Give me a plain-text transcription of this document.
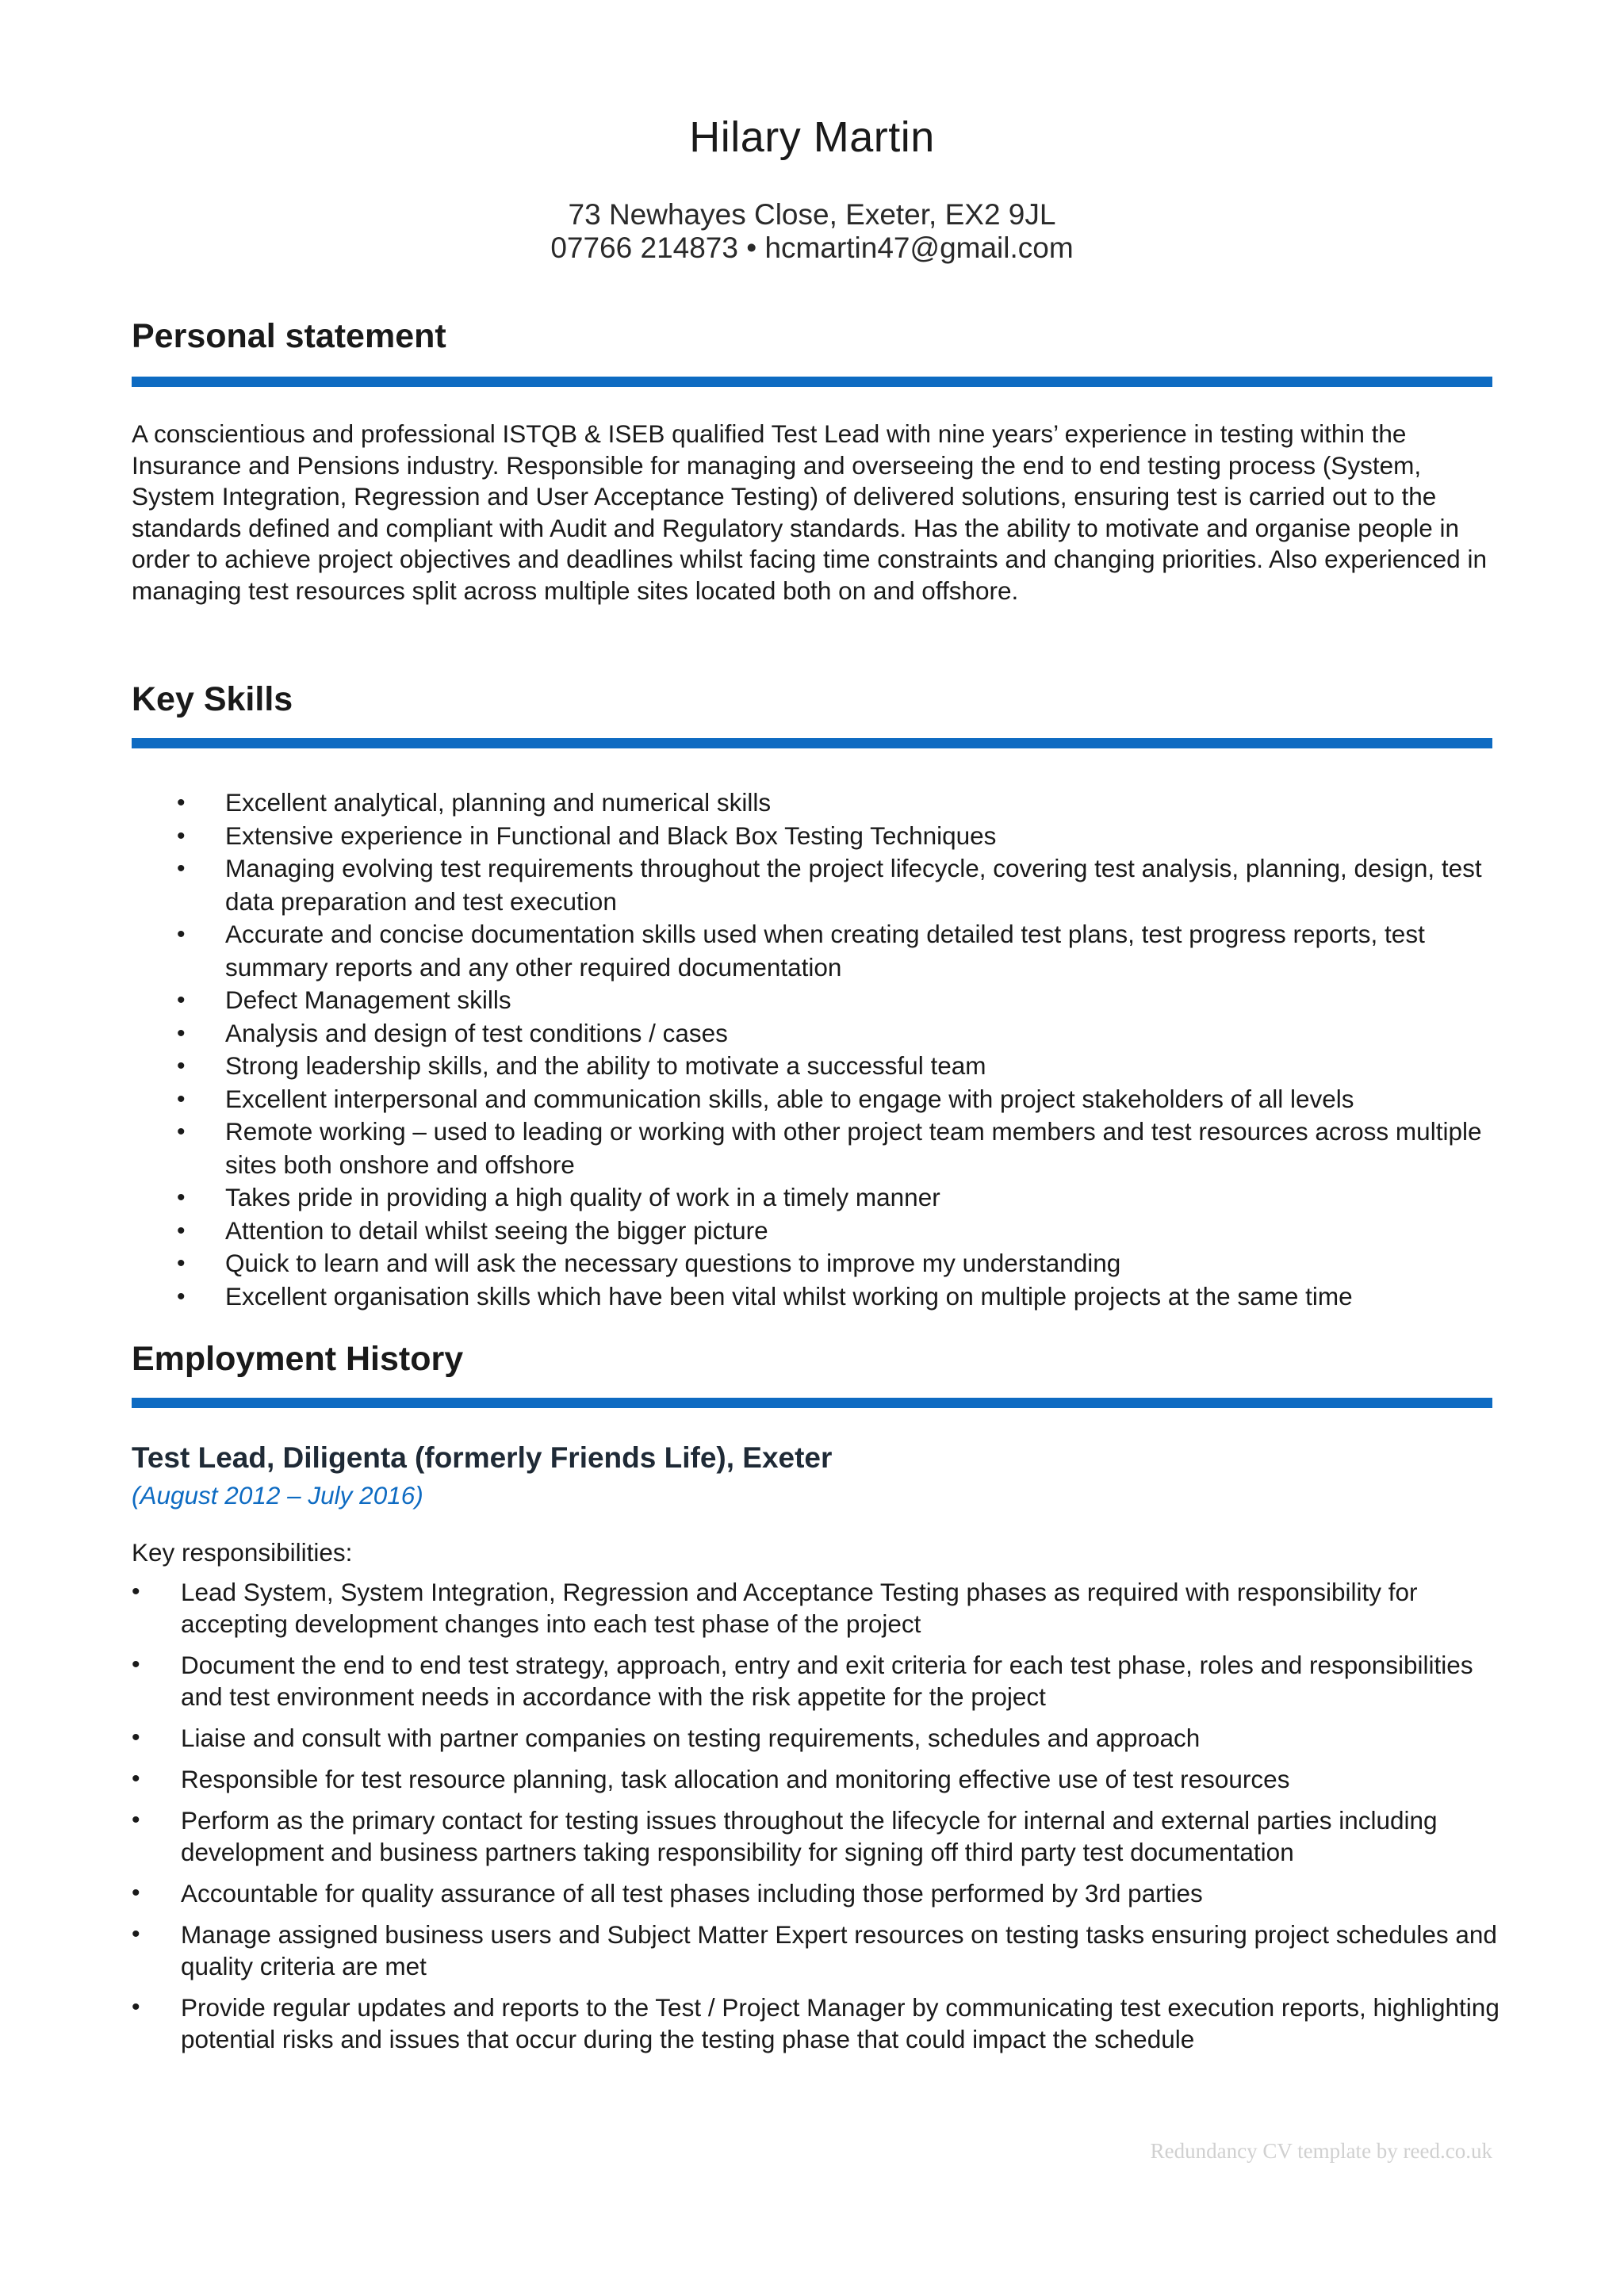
Hilary Martin
73 Newhayes Close, Exeter, EX2 9JL
07766 214873 • hcmartin47@gmail.com
Personal statement
A conscientious and professional ISTQB & ISEB qualified Test Lead with nine years’ experience in testing within the Insurance and Pensions industry. Responsible for managing and overseeing the end to end testing process (System, System Integration, Regression and User Acceptance Testing) of delivered solutions, ensuring test is carried out to the standards defined and compliant with Audit and Regulatory standards. Has the ability to motivate and organise people in order to achieve project objectives and deadlines whilst facing time constraints and changing priorities. Also experienced in managing test resources split across multiple sites located both on and offshore.
Key Skills
• Excellent analytical, planning and numerical skills
• Extensive experience in Functional and Black Box Testing Techniques
• Managing evolving test requirements throughout the project lifecycle, covering test analysis, planning, design, test data preparation and test execution
• Accurate and concise documentation skills used when creating detailed test plans, test progress reports, test summary reports and any other required documentation
• Defect Management skills
• Analysis and design of test conditions / cases
• Strong leadership skills, and the ability to motivate a successful team
• Excellent interpersonal and communication skills, able to engage with project stakeholders of all levels
• Remote working – used to leading or working with other project team members and test resources across multiple sites both onshore and offshore
• Takes pride in providing a high quality of work in a timely manner
• Attention to detail whilst seeing the bigger picture
• Quick to learn and will ask the necessary questions to improve my understanding
• Excellent organisation skills which have been vital whilst working on multiple projects at the same time
Employment History
Test Lead, Diligenta (formerly Friends Life), Exeter
(August 2012 – July 2016)
Key responsibilities:
• Lead System, System Integration, Regression and Acceptance Testing phases as required with responsibility for accepting development changes into each test phase of the project
• Document the end to end test strategy, approach, entry and exit criteria for each test phase, roles and responsibilities and test environment needs in accordance with the risk appetite for the project
• Liaise and consult with partner companies on testing requirements, schedules and approach
• Responsible for test resource planning, task allocation and monitoring effective use of test resources
• Perform as the primary contact for testing issues throughout the lifecycle for internal and external parties including development and business partners taking responsibility for signing off third party test documentation
• Accountable for quality assurance of all test phases including those performed by 3rd parties
• Manage assigned business users and Subject Matter Expert resources on testing tasks ensuring project schedules and quality criteria are met
• Provide regular updates and reports to the Test / Project Manager by communicating test execution reports, highlighting potential risks and issues that occur during the testing phase that could impact the schedule
Redundancy CV template by reed.co.uk
